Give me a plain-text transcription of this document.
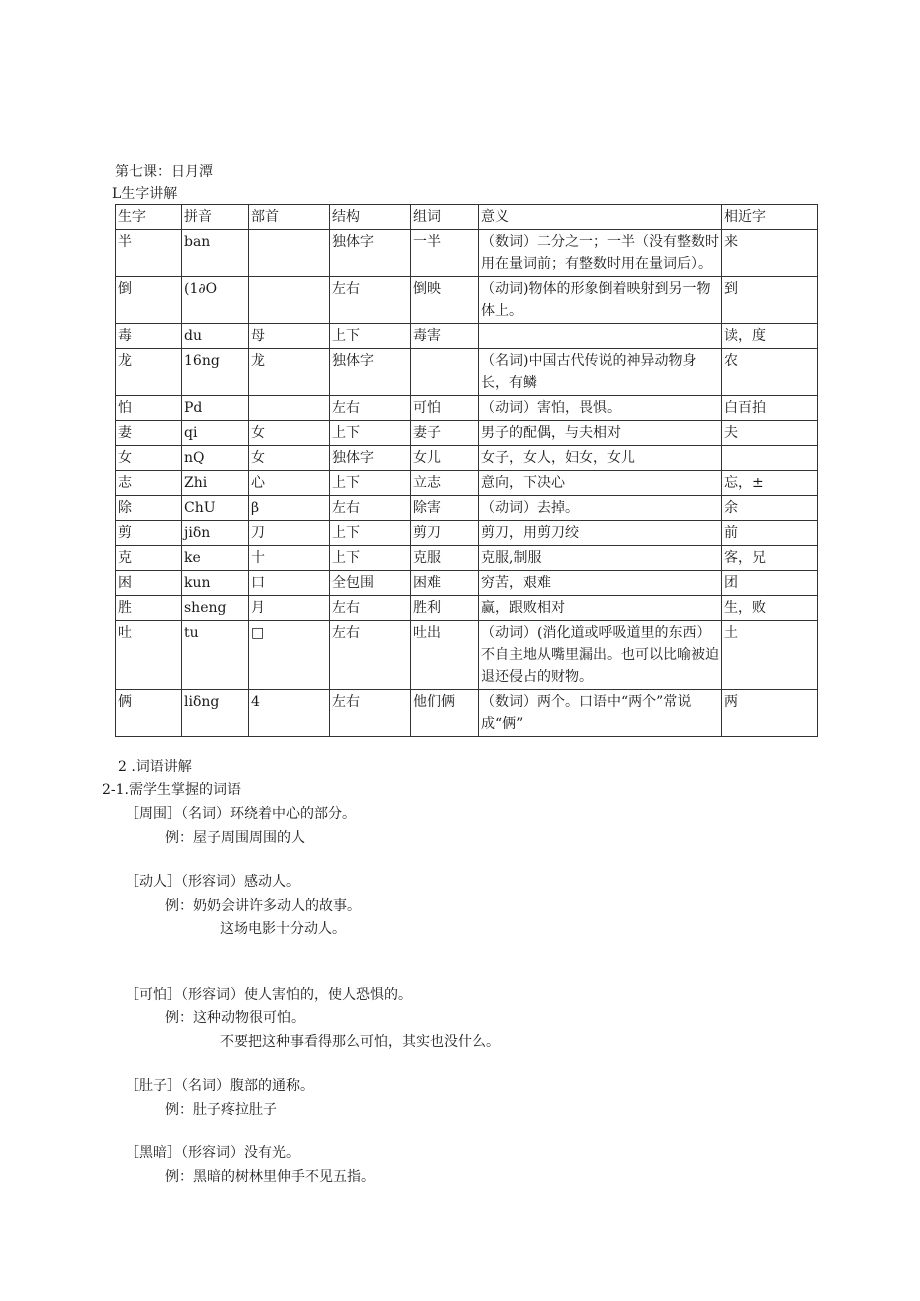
第七课：日月潭
L生字讲解
生字	拼音	部首	结构	组词	意义	相近字
半	ban		独体字	一半	（数词）二分之一；一半（没有整数时用在量词前；有整数时用在量词后）。	来
倒	(1∂O		左右	倒映	（动词)物体的形象倒着映射到另一物体上。	到
毒	du	母	上下	毒害		读，度
龙	16ng	龙	独体字		（名词)中国古代传说的神异动物身长，有鳞	农
怕	Pd		左右	可怕	（动词）害怕，畏惧。	白百拍
妻	qi	女	上下	妻子	男子的配偶，与夫相对	夫
女	nQ	女	独体字	女儿	女子，女人，妇女，女儿	
志	Zhi	心	上下	立志	意向，下决心	忘，±
除	ChU	β	左右	除害	（动词）去掉。	余
剪	jiδn	刀	上下	剪刀	剪刀，用剪刀绞	前
克	ke	十	上下	克服	克服,制服	客，兄
困	kun	口	全包围	困难	穷苦，艰难	团
胜	sheng	月	左右	胜利	赢，跟败相对	生，败
吐	tu	□	左右	吐出	（动词）(消化道或呼吸道里的东西）不自主地从嘴里漏出。也可以比喻被迫退还侵占的财物。	土
俩	liδng	4	左右	他们俩	（数词）两个。口语中“两个”常说成“俩”	两
2 .词语讲解
2-1.需学生掌握的词语
［周围］（名词）环绕着中心的部分。
例：屋子周围周围的人
［动人］（形容词）感动人。
例：奶奶会讲许多动人的故事。
这场电影十分动人。
［可怕］（形容词）使人害怕的，使人恐惧的。
例：这种动物很可怕。
不要把这种事看得那么可怕，其实也没什么。
［肚子］（名词）腹部的通称。
例：肚子疼拉肚子
［黑暗］（形容词）没有光。
例：黑暗的树林里伸手不见五指。
